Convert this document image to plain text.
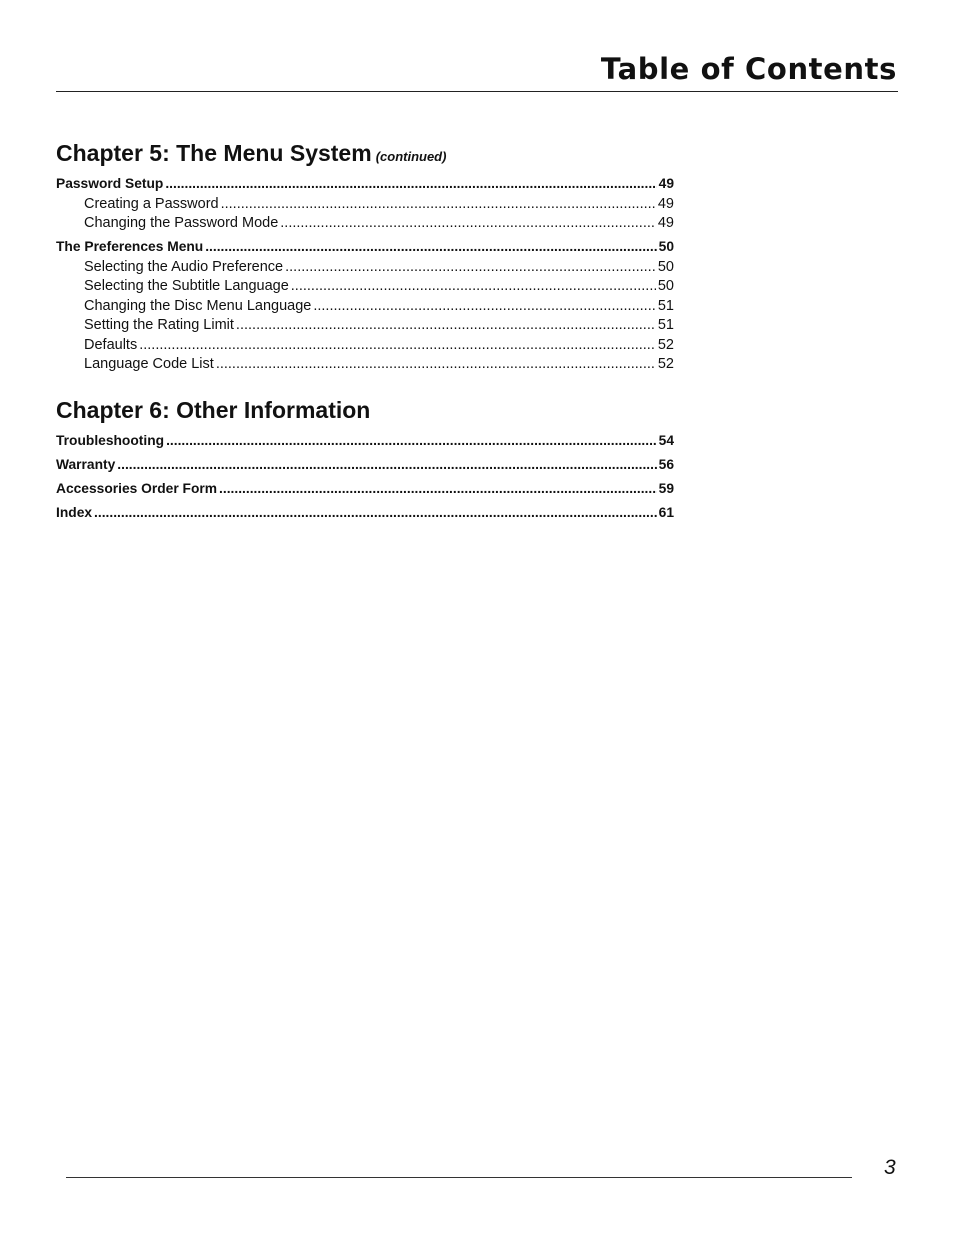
Table of Contents
Chapter 5: The Menu System (continued)
Password Setup .....	49
Creating a Password .....	49
Changing the Password Mode .....	49
The Preferences Menu .....	50
Selecting the Audio Preference .....	50
Selecting the Subtitle Language .....	50
Changing the Disc Menu Language .....	51
Setting the Rating Limit .....	51
Defaults .....	52
Language Code List .....	52
Chapter 6: Other Information
Troubleshooting .....	54
Warranty .....	56
Accessories Order Form .....	59
Index .....	61
3
